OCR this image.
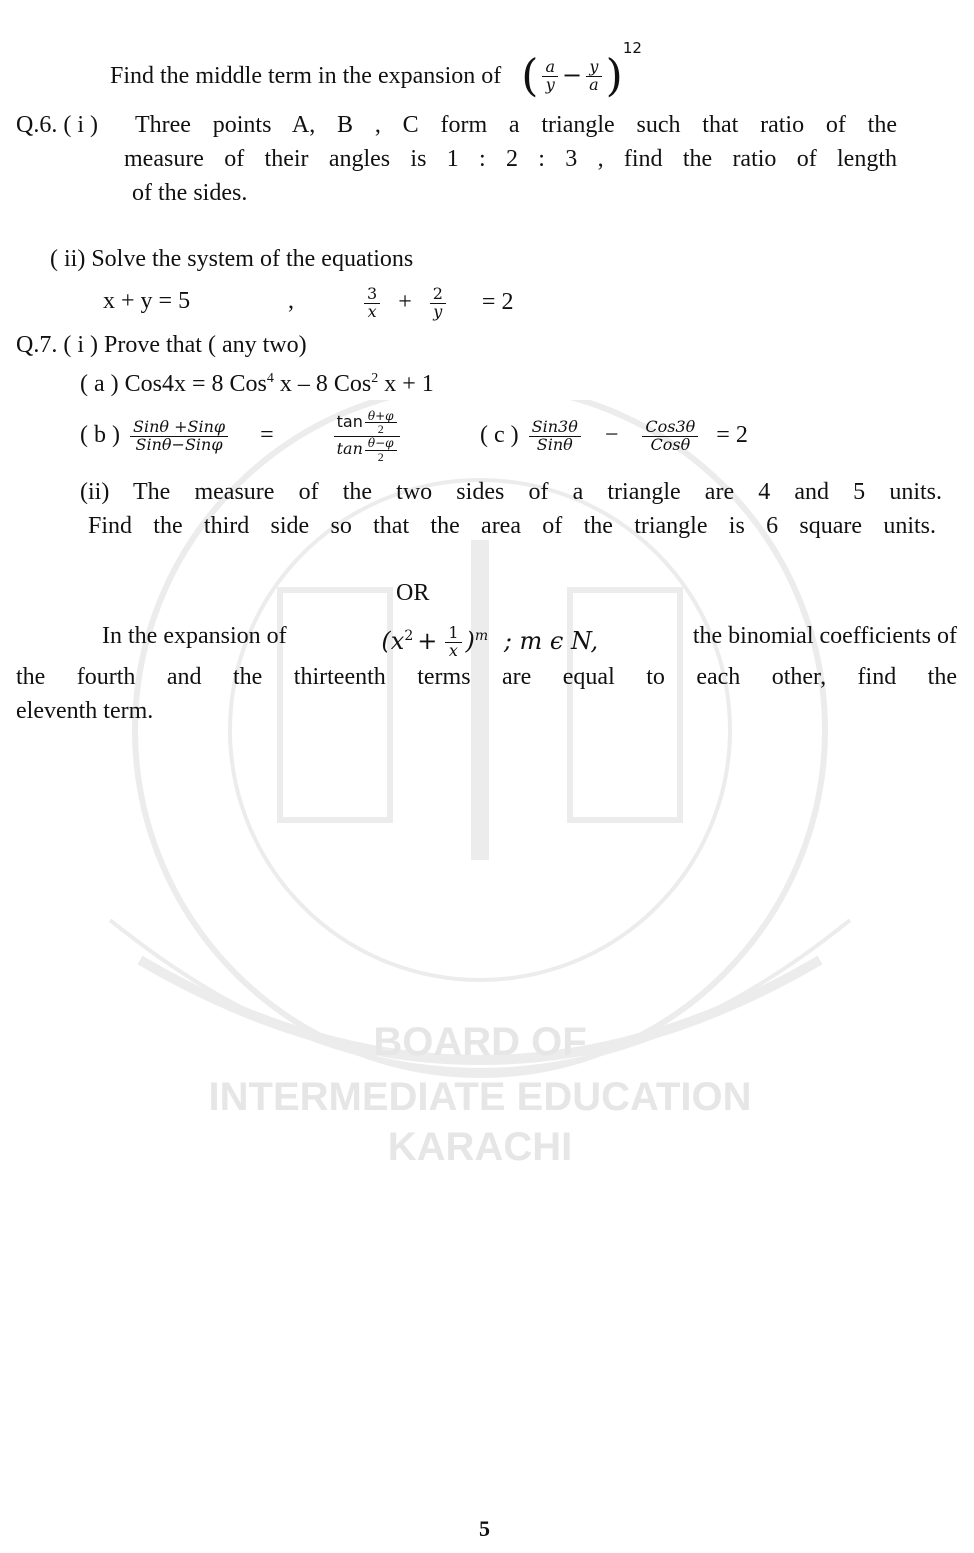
BOARD OF
INTERMEDIATE EDUCATION
KARACHI
Find the middle term in the expansion of ( $\frac{a}{y} - \frac{y}{a} )^{12}$
Q.6. ( i ) Three points A, B , C form a triangle such that ratio of the
measure of their angles is 1 : 2 : 3 , find the ratio of length
of the sides.
( ii) Solve the system of the equations
x + y = 5	,	$\frac{3}{x} + \frac{2}{y} = 2$
Q.7. ( i ) Prove that ( any two)
( a ) Cos4x = 8 Cos$^4$ x – 8 Cos$^2$ x + 1
( b ) $\frac{\text{Sinθ +Sinφ}}{\text{Sinθ−Sinφ}}$ =	$\frac{\tan \frac{\theta+\varphi}{2}}{\tan \frac{\theta-\varphi}{2}}$	( c ) $\frac{\text{Sin3θ}}{\text{Sinθ}} - \frac{\text{Cos3θ}}{\text{Cosθ}} = 2$
(ii) The measure of the two sides of a triangle are 4 and 5 units.
Find the third side so that the area of the triangle is 6 square units.
OR
In the expansion of	$(x^2 + \frac{1}{x} )^m$ ; m ϵ N,	the binomial coefficients of
the fourth and the thirteenth terms are equal to each other, find the
eleventh term.
5
